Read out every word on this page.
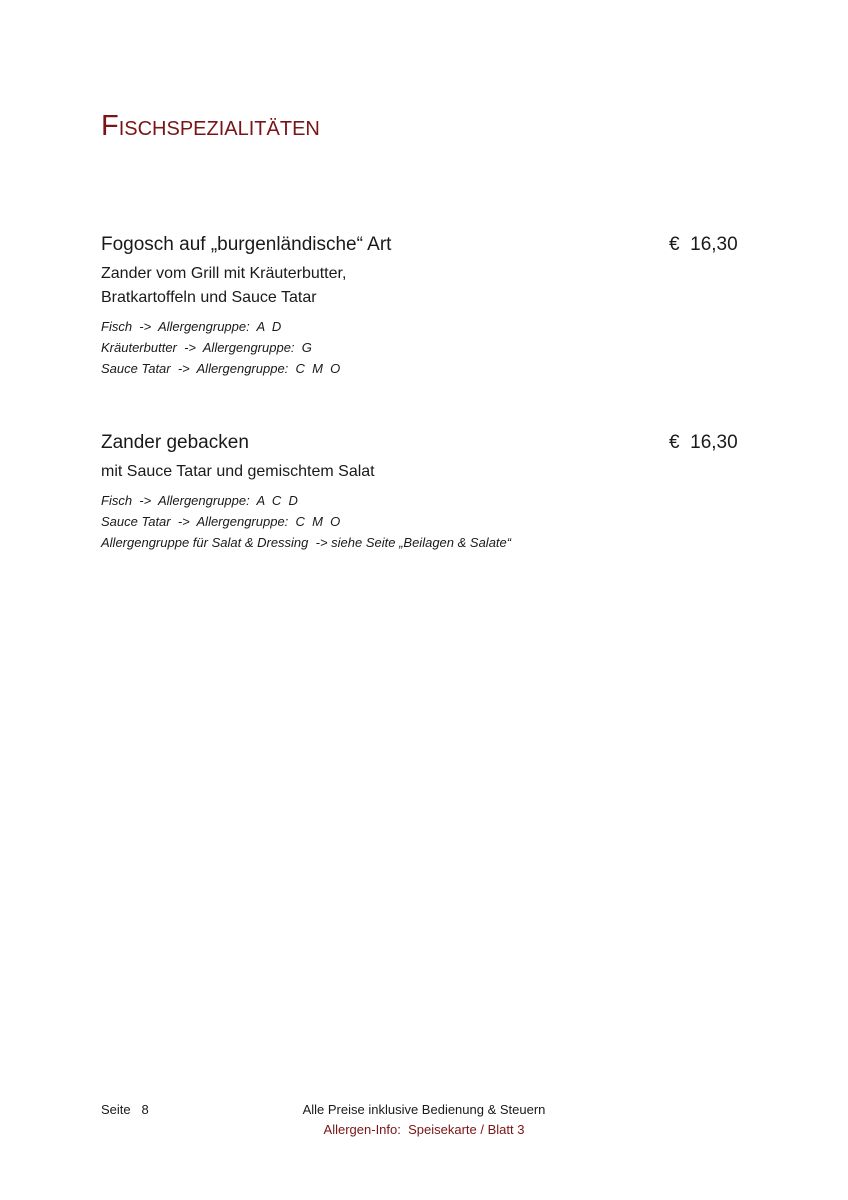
Fischspezialitäten
Fogosch auf „burgenländische“ Art	€  16,30
Zander vom Grill mit Kräuterbutter,
Bratkartoffeln und Sauce Tatar
Fisch  ->  Allergengruppe:  A  D
Kräuterbutter  ->  Allergengruppe:  G
Sauce Tatar  ->  Allergengruppe:  C  M  O
Zander gebacken	€  16,30
mit Sauce Tatar und gemischtem Salat
Fisch  ->  Allergengruppe:  A  C  D
Sauce Tatar  ->  Allergengruppe:  C  M  O
Allergengruppe für Salat & Dressing  -> siehe Seite „Beilagen & Salate“
Seite   8	Alle Preise inklusive Bedienung & Steuern
Allergen-Info:  Speisekarte / Blatt 3
